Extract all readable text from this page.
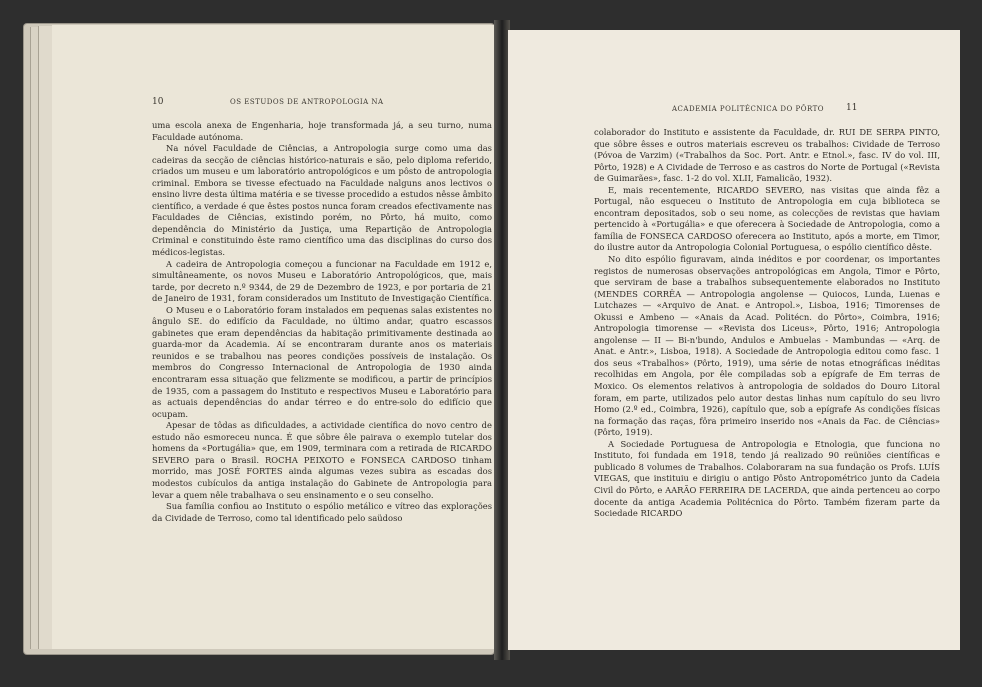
10	OS ESTUDOS DE ANTROPOLOGIA NA

uma escola anexa de Engenharia, hoje transformada já, a seu turno, numa Faculdade autónoma.

Na nóvel Faculdade de Ciências, a Antropologia surge como uma das cadeiras da secção de ciências histórico-naturais e são, pelo diploma referido, criados um museu e um laboratório antropológicos e um pôsto de antropologia criminal. Embora se tivesse efectuado na Faculdade nalguns anos lectivos o ensino livre desta última matéria e se tivesse procedido a estudos nêsse âmbito científico, a verdade é que êstes postos nunca foram creados efectivamente nas Faculdades de Ciências, existindo porém, no Pôrto, há muito, como dependência do Ministério da Justiça, uma Repartição de Antropologia Criminal e constituindo êste ramo científico uma das disciplinas do curso dos médicos-legistas.

A cadeira de Antropologia começou a funcionar na Faculdade em 1912 e, simultâneamente, os novos Museu e Laboratório Antropológicos, que, mais tarde, por decreto n.º 9344, de 29 de Dezembro de 1923, e por portaria de 21 de Janeiro de 1931, foram considerados um Instituto de Investigação Científica.

O Museu e o Laboratório foram instalados em pequenas salas existentes no ângulo SE. do edifício da Faculdade, no último andar, quatro escassos gabinetes que eram dependências da habitação primitivamente destinada ao guarda-mor da Academia. Aí se encontraram durante anos os materiais reunidos e se trabalhou nas peores condições possíveis de instalação. Os membros do Congresso Internacional de Antropologia de 1930 ainda encontraram essa situação que felizmente se modificou, a partir de princípios de 1935, com a passagem do Instituto e respectivos Museu e Laboratório para as actuais dependências do andar térreo e do entre-solo do edifício que ocupam.

Apesar de tôdas as dificuldades, a actividade científica do novo centro de estudo não esmoreceu nunca. É que sôbre êle pairava o exemplo tutelar dos homens da «Portugália» que, em 1909, terminara com a retirada de RICARDO SEVERO para o Brasil. ROCHA PEIXOTO e FONSECA CARDOSO tinham morrido, mas JOSÉ FORTES ainda algumas vezes subira as escadas dos modestos cubículos da antiga instalação do Gabinete de Antropologia para levar a quem nêle trabalhava o seu ensinamento e o seu conselho.

Sua família confiou ao Instituto o espólio metálico e vítreo das explorações da Cividade de Terroso, como tal identificado pelo saüdoso

ACADEMIA POLITÉCNICA DO PÔRTO 11

colaborador do Instituto e assistente da Faculdade, dr. RUI DE SERPA PINTO, que sôbre êsses e outros materiais escreveu os trabalhos: Cividade de Terroso (Póvoa de Varzim) («Trabalhos da Soc. Port. Antr. e Etnol.», fasc. IV do vol. III, Pôrto, 1928) e A Cividade de Terroso e as castros do Norte de Portugal («Revista de Guimarães», fasc. 1-2 do vol. XLII, Famalicão, 1932).

E, mais recentemente, RICARDO SEVERO, nas visitas que ainda fêz a Portugal, não esqueceu o Instituto de Antropologia em cuja biblioteca se encontram depositados, sob o seu nome, as colecções de revistas que haviam pertencido à «Portugália» e que oferecera à Sociedade de Antropologia, como a família de FONSECA CARDOSO oferecera ao Instituto, após a morte, em Timor, do ilustre autor da Antropologia Colonial Portuguesa, o espólio científico dêste.

No dito espólio figuravam, ainda inéditos e por coordenar, os importantes registos de numerosas observações antropológicas em Angola, Timor e Pôrto, que serviram de base a trabalhos subsequentemente elaborados no Instituto (MENDES CORRÊA — Antropologia angolense — Quiocos, Lunda, Luenas e Lutchazes — «Arquivo de Anat. e Antropol.», Lisboa, 1916; Timorenses de Okussi e Ambeno — «Anais da Acad. Politécn. do Pôrto», Coimbra, 1916; Antropologia timorense — «Revista dos Liceus», Pôrto, 1916; Antropologia angolense — II — Bi-n'bundo, Andulos e Ambuelas - Mambundas — «Arq. de Anat. e Antr.», Lisboa, 1918). A Sociedade de Antropologia editou como fasc. 1 dos seus «Trabalhos» (Pôrto, 1919), uma série de notas etnográficas inéditas recolhidas em Angola, por êle compiladas sob a epígrafe de Em terras de Moxico. Os elementos relativos à antropologia de soldados do Douro Litoral foram, em parte, utilizados pelo autor destas linhas num capítulo do seu livro Homo (2.º ed., Coimbra, 1926), capítulo que, sob a epígrafe As condições físicas na formação das raças, fôra primeiro inserido nos «Anais da Fac. de Ciências» (Pôrto, 1919).

A Sociedade Portuguesa de Antropologia e Etnologia, que funciona no Instituto, foi fundada em 1918, tendo já realizado 90 reüniões científicas e publicado 8 volumes de Trabalhos. Colaboraram na sua fundação os Profs. LUÍS VIEGAS, que instituiu e dirigiu o antigo Pôsto Antropométrico junto da Cadeia Civil do Pôrto, e AARÃO FERREIRA DE LACERDA, que ainda pertenceu ao corpo docente da antiga Academia Politécnica do Pôrto. Também fizeram parte da Sociedade RICARDO
